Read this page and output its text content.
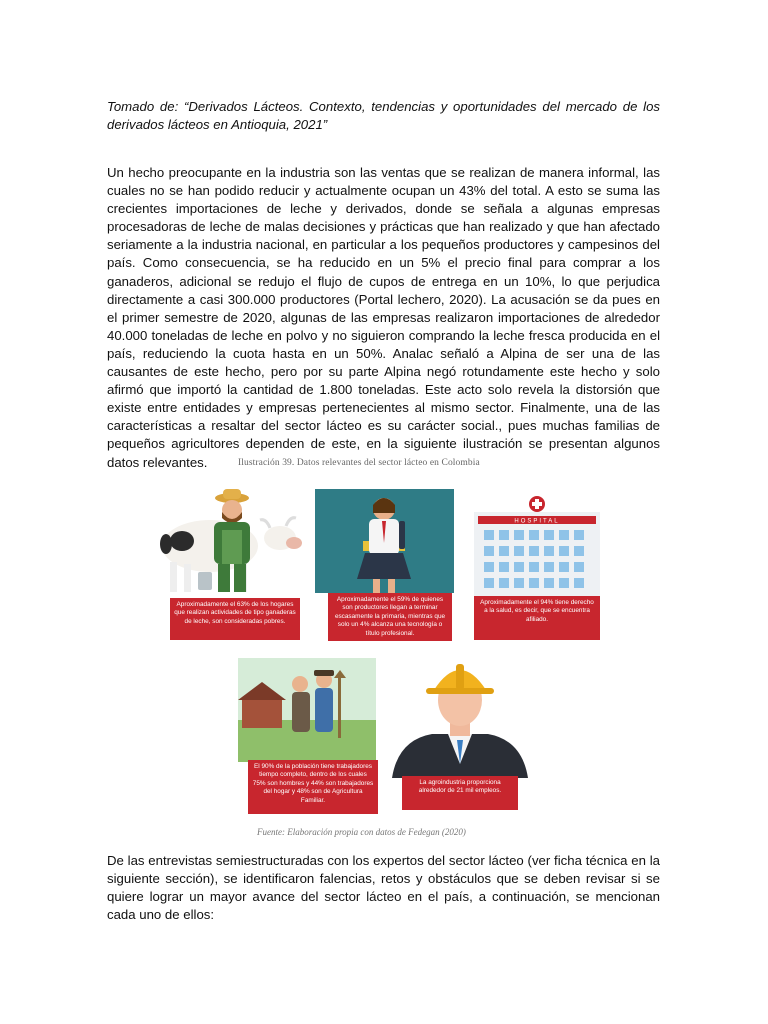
Tomado de: “Derivados Lácteos. Contexto, tendencias y oportunidades del mercado de los derivados lácteos en Antioquia, 2021”
Un hecho preocupante en la industria son las ventas que se realizan de manera informal, las cuales no se han podido reducir y actualmente ocupan un 43% del total. A esto se suma las crecientes importaciones de leche y derivados, donde se señala a algunas empresas procesadoras de leche de malas decisiones y prácticas que han realizado y que han afectado seriamente a la industria nacional, en particular a los pequeños productores y campesinos del país. Como consecuencia, se ha reducido en un 5% el precio final para comprar a los ganaderos, adicional se redujo el flujo de cupos de entrega en un 10%, lo que perjudica directamente a casi 300.000 productores (Portal lechero, 2020). La acusación se da pues en el primer semestre de 2020, algunas de las empresas realizaron importaciones de alrededor 40.000 toneladas de leche en polvo y no siguieron comprando la leche fresca producida en el país, reduciendo la cuota hasta en un 50%. Analac señaló a Alpina de ser una de las causantes de este hecho, pero por su parte Alpina negó rotundamente este hecho y solo afirmó que importó la cantidad de 1.800 toneladas. Este acto solo revela la distorsión que existe entre entidades y empresas pertenecientes al mismo sector. Finalmente, una de las características a resaltar del sector lácteo es su carácter social., pues muchas familias de pequeños agricultores dependen de este, en la siguiente ilustración se presentan algunos datos relevantes.	Ilustración 39. Datos relevantes del sector lácteo en Colombia
Aproximadamente el 63% de los hogares que realizan actividades de tipo ganaderas de leche, son consideradas pobres.
Aproximadamente el 59% de quienes son productores llegan a terminar escasamente la primaria, mientras que solo un 4% alcanza una tecnología o título profesional.
HOSPITAL
Aproximadamente el 94% tiene derecho a la salud, es decir, que se encuentra afiliado.
El 90% de la población tiene trabajadores tiempo completo, dentro de los cuales 75% son hombres y 44% son trabajadores del hogar y 48% son de Agricultura Familiar.
La agroindustria proporciona alrededor de 21 mil empleos.
Fuente: Elaboración propia con datos de Fedegan (2020)
De las entrevistas semiestructuradas con los expertos del sector lácteo (ver ficha técnica en la siguiente sección), se identificaron falencias, retos y obstáculos que se deben revisar si se quiere lograr un mayor avance del sector lácteo en el país, a continuación, se mencionan cada uno de ellos:
